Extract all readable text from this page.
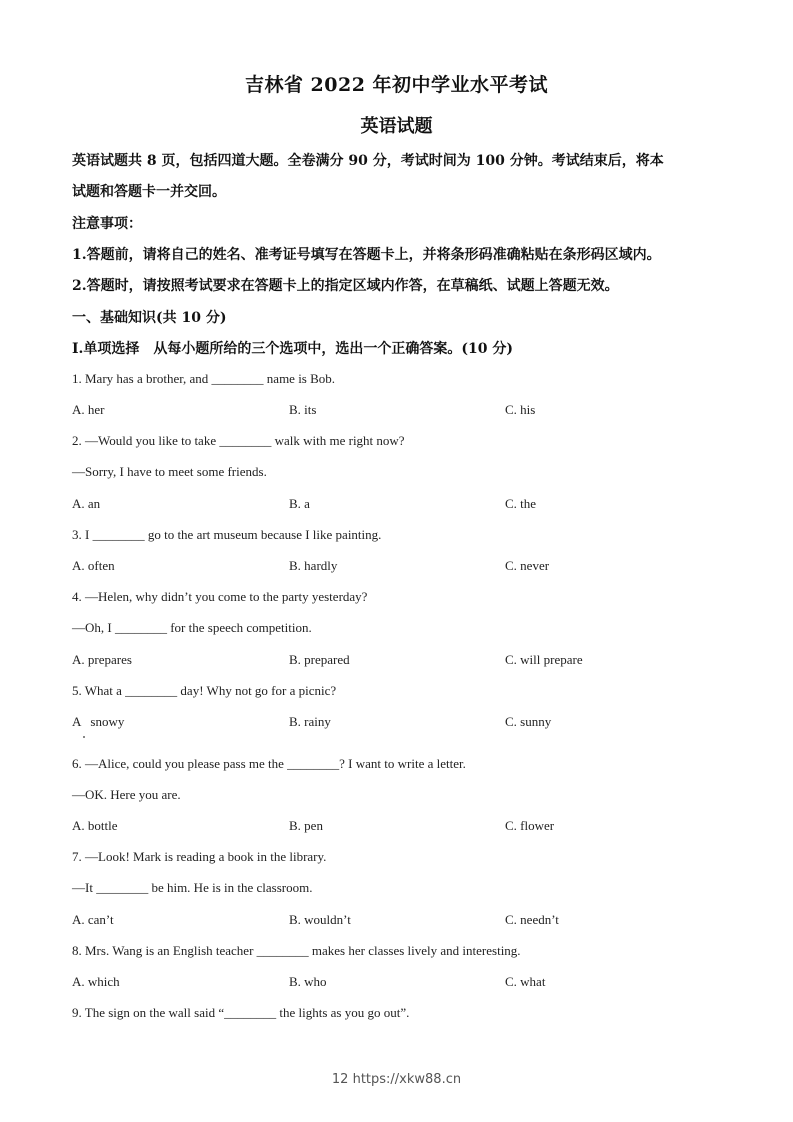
吉林省 2022 年初中学业水平考试
英语试题
英语试题共 8 页，包括四道大题。全卷满分 90 分，考试时间为 100 分钟。考试结束后，将本
试题和答题卡一并交回。
注意事项：
1.答题前，请将自己的姓名、准考证号填写在答题卡上，并将条形码准确粘贴在条形码区域内。
2.答题时，请按照考试要求在答题卡上的指定区域内作答，在草稿纸、试题上答题无效。
一、基础知识(共 10 分)
I.单项选择　从每小题所给的三个选项中，选出一个正确答案。(10 分)
1. Mary has a brother, and ________ name is Bob.
A. her	B. its	C. his
2. —Would you like to take ________ walk with me right now?
—Sorry, I have to meet some friends.
A. an	B. a	C. the
3. I ________ go to the art museum because I like painting.
A. often	B. hardly	C. never
4. —Helen, why didn’t you come to the party yesterday?
—Oh, I ________ for the speech competition.
A. prepares	B. prepared	C. will prepare
5. What a ________ day! Why not go for a picnic?
A   snowy	B. rainy	C. sunny
6. —Alice, could you please pass me the ________? I want to write a letter.
—OK. Here you are.
A. bottle	B. pen	C. flower
7. —Look! Mark is reading a book in the library.
—It ________ be him. He is in the classroom.
A. can’t	B. wouldn’t	C. needn’t
8. Mrs. Wang is an English teacher ________ makes her classes lively and interesting.
A. which	B. who	C. what
9. The sign on the wall said “________ the lights as you go out”.
12 https://xkw88.cn
